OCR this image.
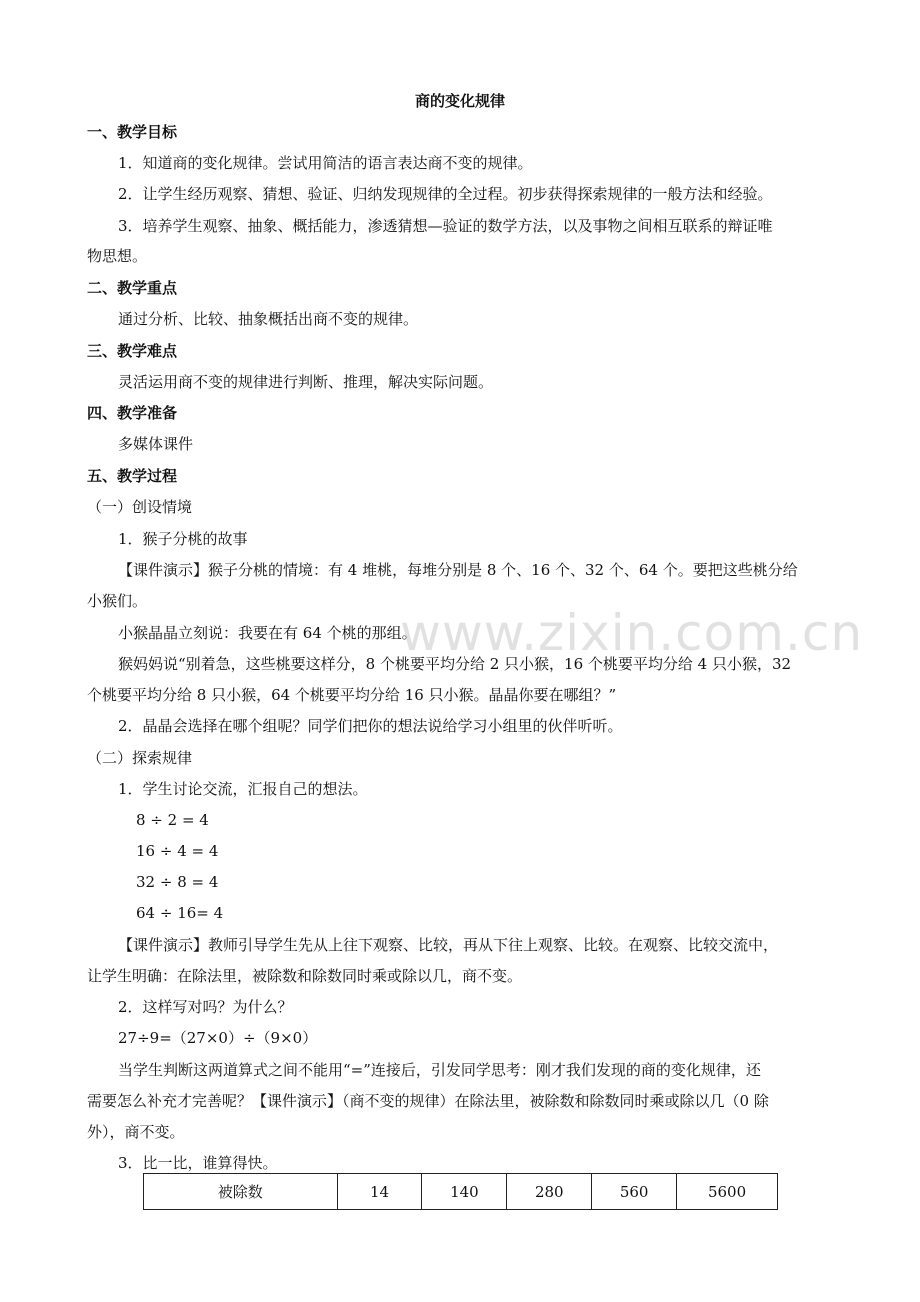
www.zixin.com.cn
商的变化规律
一、教学目标
1．知道商的变化规律。尝试用简洁的语言表达商不变的规律。
2．让学生经历观察、猜想、验证、归纳发现规律的全过程。初步获得探索规律的一般方法和经验。
3．培养学生观察、抽象、概括能力，渗透猜想—验证的数学方法，以及事物之间相互联系的辩证唯
物思想。
二、教学重点
通过分析、比较、抽象概括出商不变的规律。
三、教学难点
灵活运用商不变的规律进行判断、推理，解决实际问题。
四、教学准备
多媒体课件
五、教学过程
（一）创设情境
1．猴子分桃的故事
【课件演示】猴子分桃的情境：有 4 堆桃，每堆分别是 8 个、16 个、32 个、64 个。要把这些桃分给
小猴们。
小猴晶晶立刻说：我要在有 64 个桃的那组。
猴妈妈说“别着急，这些桃要这样分，8 个桃要平均分给 2 只小猴，16 个桃要平均分给 4 只小猴，32
个桃要平均分给 8 只小猴，64 个桃要平均分给 16 只小猴。晶晶你要在哪组？”
2．晶晶会选择在哪个组呢？同学们把你的想法说给学习小组里的伙伴听听。
（二）探索规律
1．学生讨论交流，汇报自己的想法。
8 ÷ 2 = 4
16 ÷ 4 = 4
32 ÷ 8 = 4
64 ÷ 16= 4
【课件演示】教师引导学生先从上往下观察、比较，再从下往上观察、比较。在观察、比较交流中，
让学生明确：在除法里，被除数和除数同时乘或除以几，商不变。
2．这样写对吗？为什么？
27÷9=（27×0）÷（9×0）
当学生判断这两道算式之间不能用“=”连接后，引发同学思考：刚才我们发现的商的变化规律，还
需要怎么补充才完善呢？【课件演示】（商不变的规律）在除法里，被除数和除数同时乘或除以几（0 除
外），商不变。
3．比一比，谁算得快。
被除数	14	140	280	560	5600
